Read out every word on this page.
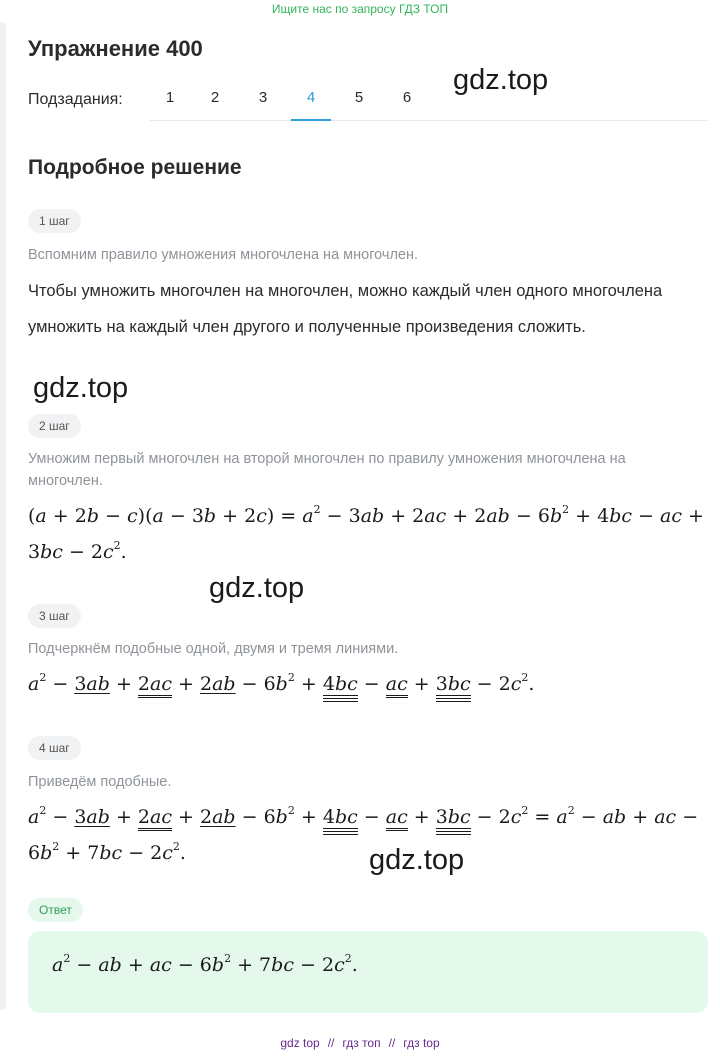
Ищите нас по запросу ГДЗ ТОП
Упражнение 400
Подзадания:	1	2	3	4	5	6
gdz.top
Подробное решение
1 шаг
Вспомним правило умножения многочлена на многочлен.
Чтобы умножить многочлен на многочлен, можно каждый член одного многочлена умножить на каждый член другого и полученные произведения сложить.
gdz.top
2 шаг
Умножим первый многочлен на второй многочлен по правилу умножения многочлена на многочлен.
$(a + 2b - c)(a - 3b + 2c) = a^2 - 3ab + 2ac + 2ab - 6b^2 + 4bc$ − ac +
$3bc - 2c^2$.
gdz.top
3 шаг
Подчеркнём подобные одной, двумя и тремя линиями.
$a^2 - 3ab + 2ac + 2ab - 6b^2 + 4bc$ − ac + $3bc - 2c^2$.
4 шаг
Приведём подобные.
$a^2 - 3ab + 2ac + 2ab - 6b^2 + 4bc$ − ac + $3bc - 2c^2 = a^2$ − ab + ac −
$6b^2 + 7bc - 2c^2$.	gdz.top
Ответ
$a^2$ − ab + ac − $6b^2 + 7bc - 2c^2$.
gdz top // гдз топ // гдз top
